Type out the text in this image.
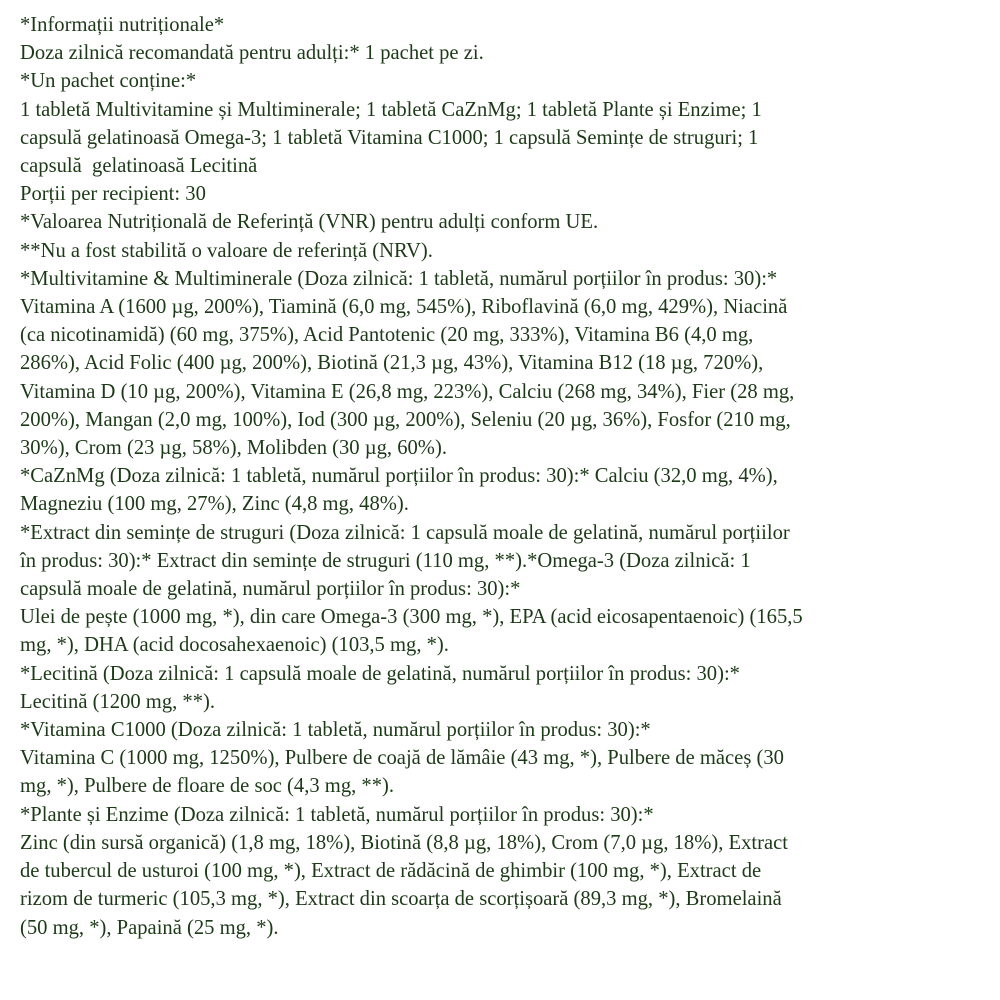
*Informații nutriționale*
Doza zilnică recomandată pentru adulți:* 1 pachet pe zi.
*Un pachet conține:*
1 tabletă Multivitamine și Multiminerale; 1 tabletă CaZnMg; 1 tabletă Plante și Enzime; 1
capsulă gelatinoasă Omega-3; 1 tabletă Vitamina C1000; 1 capsulă Semințe de struguri; 1
capsulă  gelatinoasă Lecitină
Porții per recipient: 30
*Valoarea Nutrițională de Referință (VNR) pentru adulți conform UE.
**Nu a fost stabilită o valoare de referință (NRV).
*Multivitamine & Multiminerale (Doza zilnică: 1 tabletă, numărul porțiilor în produs: 30):*
Vitamina A (1600 µg, 200%), Tiamină (6,0 mg, 545%), Riboflavină (6,0 mg, 429%), Niacină
(ca nicotinamidă) (60 mg, 375%), Acid Pantotenic (20 mg, 333%), Vitamina B6 (4,0 mg,
286%), Acid Folic (400 µg, 200%), Biotină (21,3 µg, 43%), Vitamina B12 (18 µg, 720%),
Vitamina D (10 µg, 200%), Vitamina E (26,8 mg, 223%), Calciu (268 mg, 34%), Fier (28 mg,
200%), Mangan (2,0 mg, 100%), Iod (300 µg, 200%), Seleniu (20 µg, 36%), Fosfor (210 mg,
30%), Crom (23 µg, 58%), Molibden (30 µg, 60%).
*CaZnMg (Doza zilnică: 1 tabletă, numărul porțiilor în produs: 30):* Calciu (32,0 mg, 4%),
Magneziu (100 mg, 27%), Zinc (4,8 mg, 48%).
*Extract din semințe de struguri (Doza zilnică: 1 capsulă moale de gelatină, numărul porțiilor
în produs: 30):* Extract din semințe de struguri (110 mg, **).*Omega-3 (Doza zilnică: 1
capsulă moale de gelatină, numărul porțiilor în produs: 30):*
Ulei de pește (1000 mg, *), din care Omega-3 (300 mg, *), EPA (acid eicosapentaenoic) (165,5
mg, *), DHA (acid docosahexaenoic) (103,5 mg, *).
*Lecitină (Doza zilnică: 1 capsulă moale de gelatină, numărul porțiilor în produs: 30):*
Lecitină (1200 mg, **).
*Vitamina C1000 (Doza zilnică: 1 tabletă, numărul porțiilor în produs: 30):*
Vitamina C (1000 mg, 1250%), Pulbere de coajă de lămâie (43 mg, *), Pulbere de măceș (30
mg, *), Pulbere de floare de soc (4,3 mg, **).
*Plante și Enzime (Doza zilnică: 1 tabletă, numărul porțiilor în produs: 30):*
Zinc (din sursă organică) (1,8 mg, 18%), Biotină (8,8 µg, 18%), Crom (7,0 µg, 18%), Extract
de tubercul de usturoi (100 mg, *), Extract de rădăcină de ghimbir (100 mg, *), Extract de
rizom de turmeric (105,3 mg, *), Extract din scoarța de scorțișoară (89,3 mg, *), Bromelaină
(50 mg, *), Papaină (25 mg, *).
